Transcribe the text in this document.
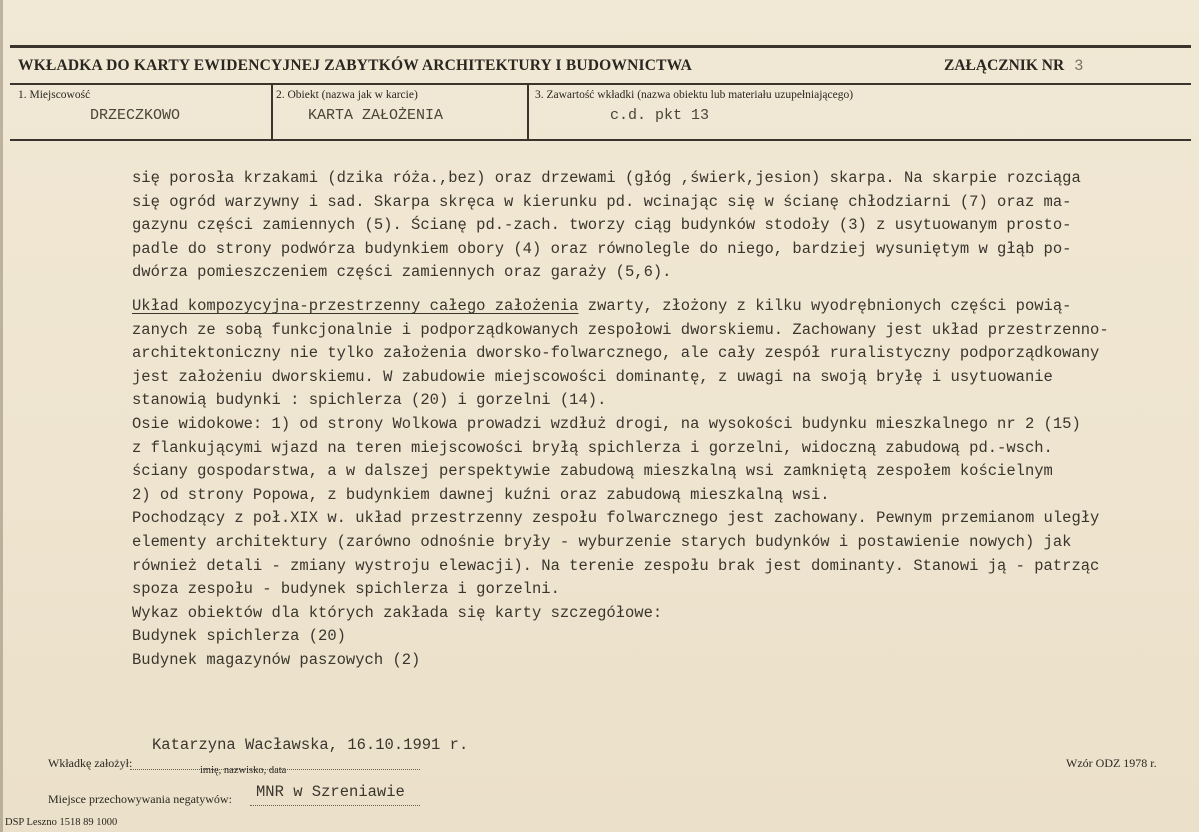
WKŁADKA DO KARTY EWIDENCYJNEJ ZABYTKÓW ARCHITEKTURY I BUDOWNICTWA	ZAŁĄCZNIK NR 3
1. Miejscowość
DRZECZKOWO
2. Obiekt (nazwa jak w karcie)
KARTA ZAŁOŻENIA
3. Zawartość wkładki (nazwa obiektu lub materiału uzupełniającego)
c.d. pkt 13
się porosła krzakami (dzika róża.,bez) oraz drzewami (głóg ,świerk,jesion) skarpa. Na skarpie rozciąga
się ogród warzywny i sad. Skarpa skręca w kierunku pd. wcinając się w ścianę chłodziarni (7) oraz ma-
gazynu części zamiennych (5). Ścianę pd.-zach. tworzy ciąg budynków stodoły (3) z usytuowanym prosto-
padle do strony podwórza budynkiem obory (4) oraz równolegle do niego, bardziej wysuniętym w głąb po-
dwórza pomieszczeniem części zamiennych oraz garaży (5,6).
Układ kompozycyjna-przestrzenny całego założenia zwarty, złożony z kilku wyodrębnionych części powią-
zanych ze sobą funkcjonalnie i podporządkowanych zespołowi dworskiemu. Zachowany jest układ przestrzenno-
architektoniczny nie tylko założenia dworsko-folwarcznego, ale cały zespół ruralistyczny podporządkowany
jest założeniu dworskiemu. W zabudowie miejscowości dominantę, z uwagi na swoją bryłę i usytuowanie
stanowią budynki : spichlerza (20) i gorzelni (14).
Osie widokowe: 1) od strony Wolkowa prowadzi wzdłuż drogi, na wysokości budynku mieszkalnego nr 2 (15)
z flankującymi wjazd na teren miejscowości bryłą spichlerza i gorzelni, widoczną zabudową pd.-wsch.
ściany gospodarstwa, a w dalszej perspektywie zabudową mieszkalną wsi zamkniętą zespołem kościelnym
2) od strony Popowa, z budynkiem dawnej kuźni oraz zabudową mieszkalną wsi.
Pochodzący z poł.XIX w. układ przestrzenny zespołu folwarcznego jest zachowany. Pewnym przemianom uległy
elementy architektury (zarówno odnośnie bryły - wyburzenie starych budynków i postawienie nowych) jak
również detali - zmiany wystroju elewacji). Na terenie zespołu brak jest dominanty. Stanowi ją - patrząc
spoza zespołu - budynek spichlerza i gorzelni.
Wykaz obiektów dla których zakłada się karty szczegółowe:
Budynek spichlerza (20)
Budynek magazynów paszowych (2)
Katarzyna Wacławska, 16.10.1991 r.
Wkładkę założył:
imię, nazwisko, data
Wzór ODZ 1978 r.
Miejsce przechowywania negatywów: MNR w Szreniawie
DSP Leszno 1518 89 1000
